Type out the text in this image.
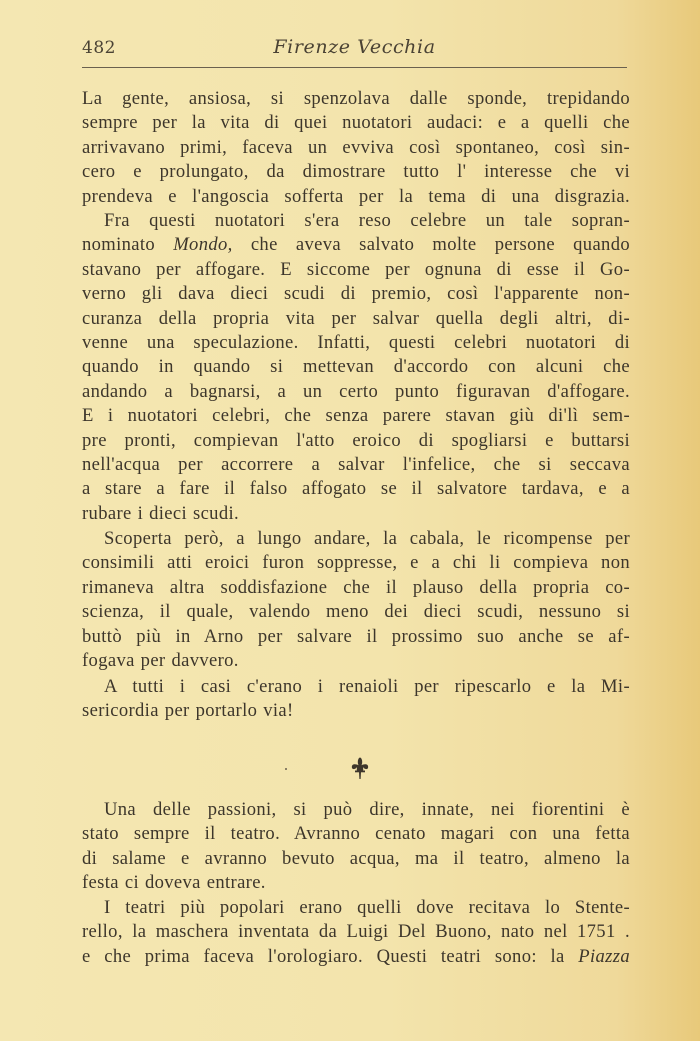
482	Firenze Vecchia
La gente, ansiosa, si spenzolava dalle sponde, trepidando
sempre per la vita di quei nuotatori audaci: e a quelli che
arrivavano primi, faceva un evviva così spontaneo, così sin-
cero e prolungato, da dimostrare tutto l' interesse che vi
prendeva e l'angoscia sofferta per la tema di una disgrazia.
Fra questi nuotatori s'era reso celebre un tale sopran-
nominato Mondo, che aveva salvato molte persone quando
stavano per affogare. E siccome per ognuna di esse il Go-
verno gli dava dieci scudi di premio, così l'apparente non-
curanza della propria vita per salvar quella degli altri, di-
venne una speculazione. Infatti, questi celebri nuotatori di
quando in quando si mettevan d'accordo con alcuni che
andando a bagnarsi, a un certo punto figuravan d'affogare.
E i nuotatori celebri, che senza parere stavan giù di'lì sem-
pre pronti, compievan l'atto eroico di spogliarsi e buttarsi
nell'acqua per accorrere a salvar l'infelice, che si seccava
a stare a fare il falso affogato se il salvatore tardava, e a
rubare i dieci scudi.
Scoperta però, a lungo andare, la cabala, le ricompense per
consimili atti eroici furon soppresse, e a chi li compieva non
rimaneva altra soddisfazione che il plauso della propria co-
scienza, il quale, valendo meno dei dieci scudi, nessuno si
buttò più in Arno per salvare il prossimo suo anche se af-
fogava per davvero.
A tutti i casi c'erano i renaioli per ripescarlo e la Mi-
sericordia per portarlo via!
Una delle passioni, si può dire, innate, nei fiorentini è
stato sempre il teatro. Avranno cenato magari con una fetta
di salame e avranno bevuto acqua, ma il teatro, almeno la
festa ci doveva entrare.
I teatri più popolari erano quelli dove recitava lo Stente-
rello, la maschera inventata da Luigi Del Buono, nato nel 1751 .
e che prima faceva l'orologiaro. Questi teatri sono: la Piazza
